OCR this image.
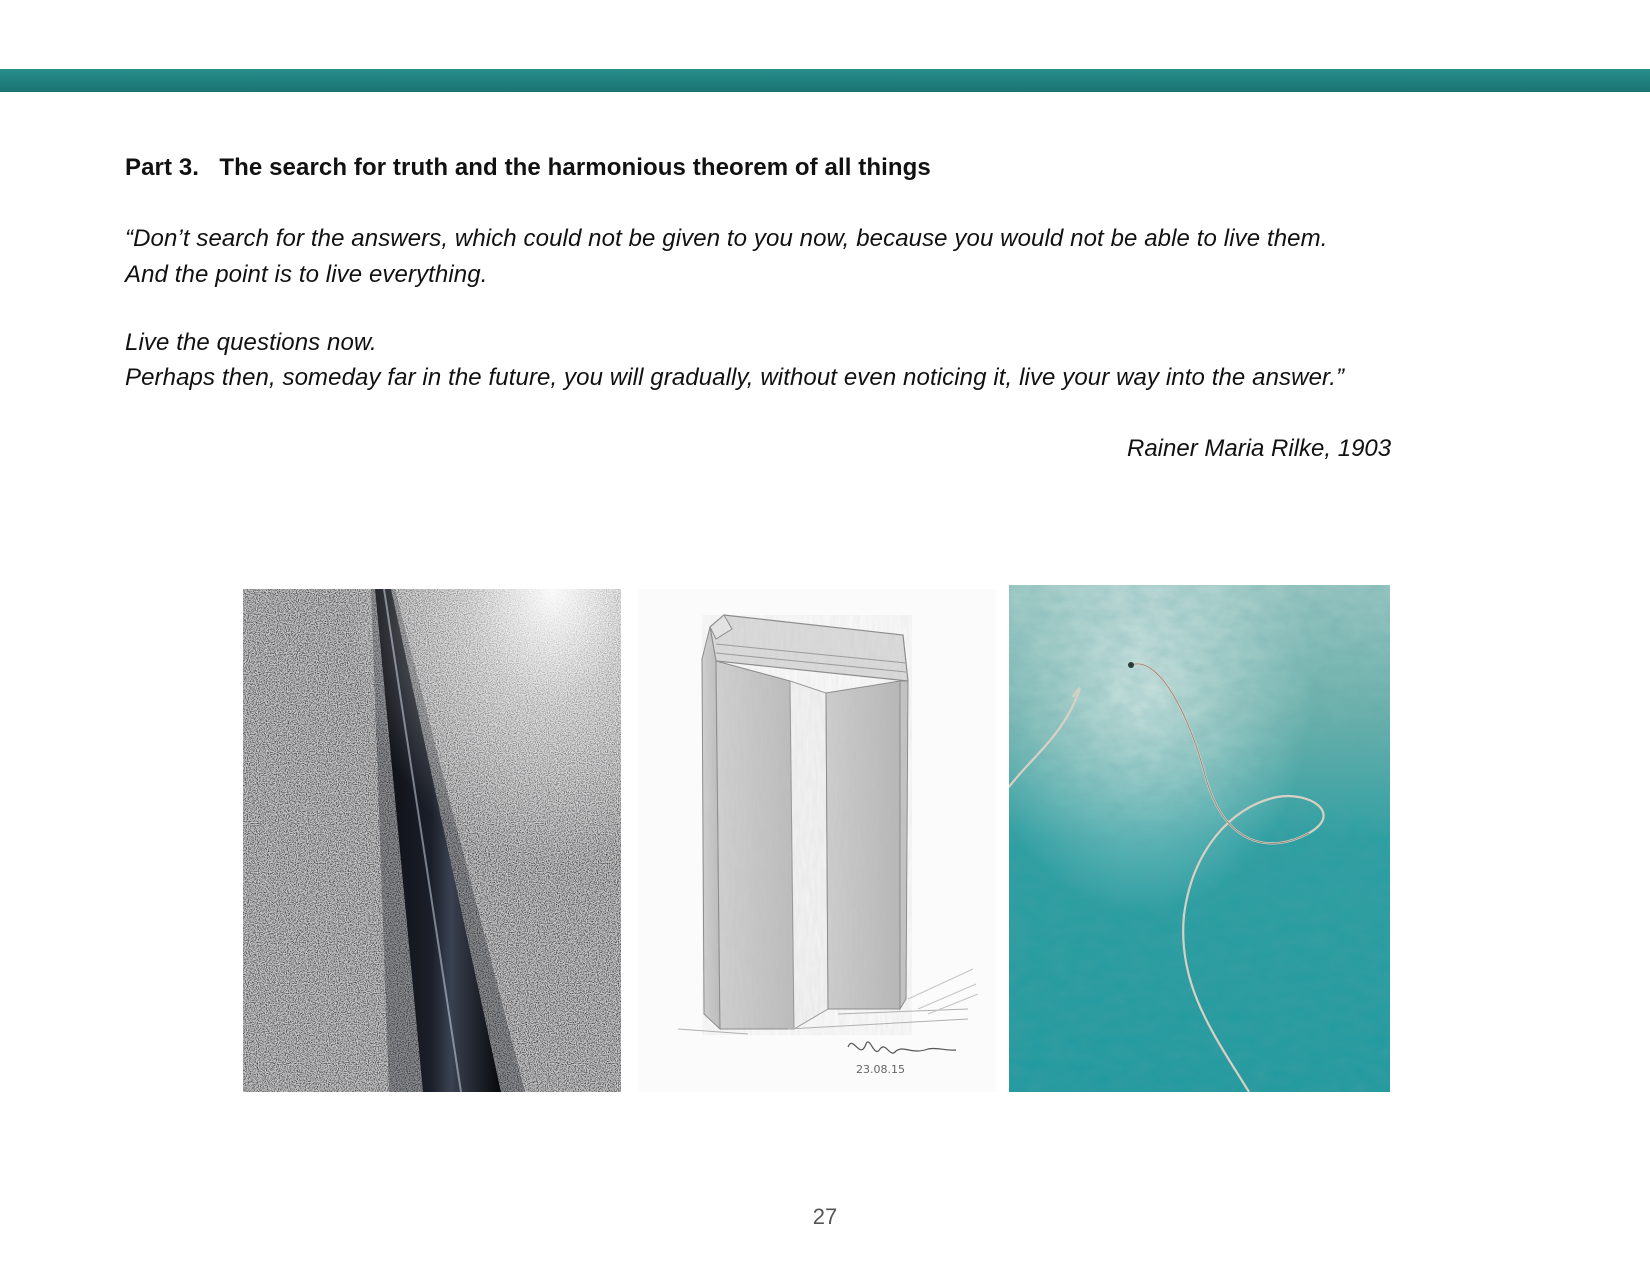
Part 3.   The search for truth and the harmonious theorem of all things
“Don’t search for the answers, which could not be given to you now, because you would not be able to live them.
And the point is to live everything.
Live the questions now.
Perhaps then, someday far in the future, you will gradually, without even noticing it, live your way into the answer.”
Rainer Maria Rilke, 1903
23.08.15
27
